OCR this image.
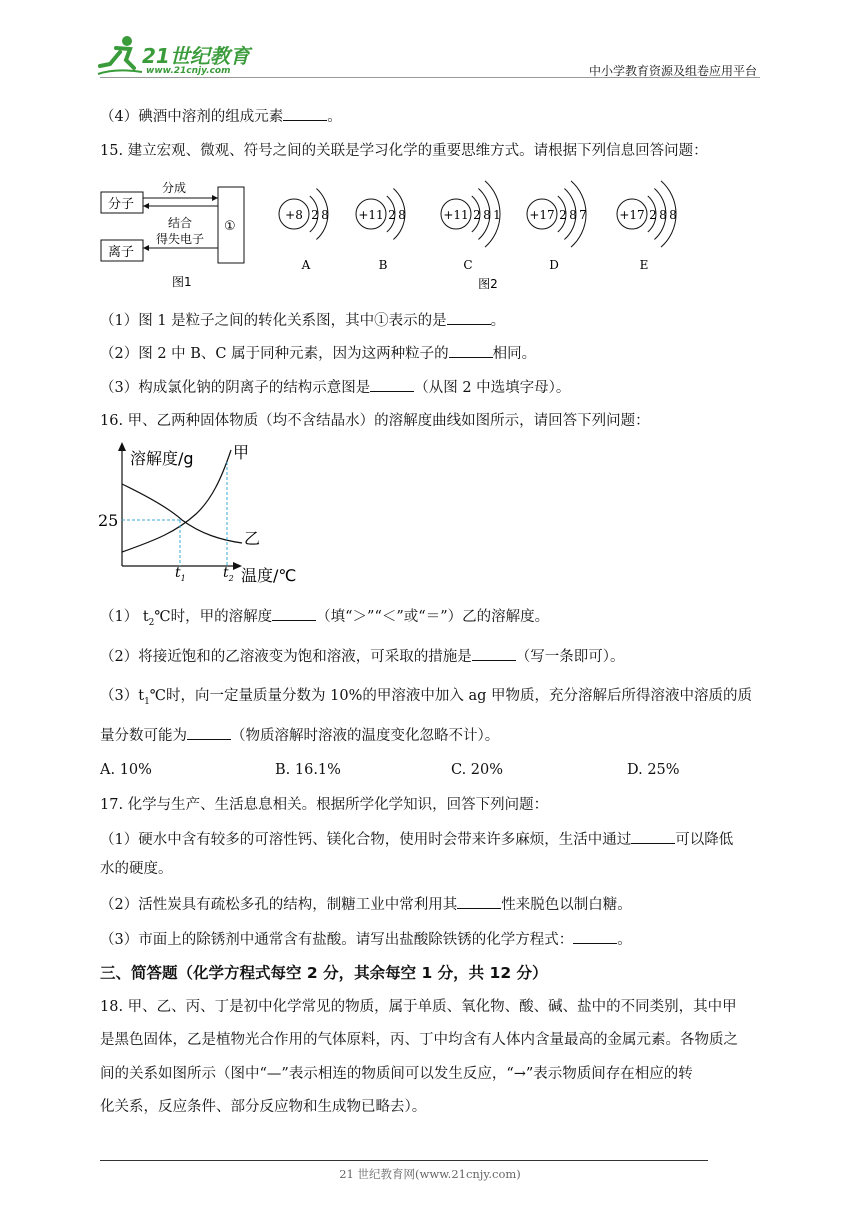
21世纪教育
www.21cnjy.com	中小学教育资源及组卷应用平台
（4）碘酒中溶剂的组成元素	。
15. 建立宏观、微观、符号之间的关联是学习化学的重要思维方式。请根据下列信息回答问题：
分子
离子
分成
结合
得失电子
①
图1
+8 2 8
A
+11 2 8
B
+11 2 8 1
C
+17 2 8 7
D
+17 2 8 8
E
图2
（1）图 1 是粒子之间的转化关系图，其中①表示的是	。
（2）图 2 中 B、C 属于同种元素，因为这两种粒子的	相同。
（3）构成氯化钠的阴离子的结构示意图是	（从图 2 中选填字母）。
16. 甲、乙两种固体物质（均不含结晶水）的溶解度曲线如图所示，请回答下列问题：
溶解度/g
温度/℃
25
$t_1$	$t_2$
甲
乙
（1） $t_2℃$时，甲的溶解度	（填“＞”“＜”或“＝”）乙的溶解度。
（2）将接近饱和的乙溶液变为饱和溶液，可采取的措施是	（写一条即可）。
$(3)t_1℃$时，向一定量质量分数为 10%的甲溶液中加入 ag 甲物质，充分溶解后所得溶液中溶质的质
量分数可能为	（物质溶解时溶液的温度变化忽略不计）。
A. 10%	B. 16.1%	C. 20%	D. 25%
17. 化学与生产、生活息息相关。根据所学化学知识，回答下列问题：
（1）硬水中含有较多的可溶性钙、镁化合物，使用时会带来许多麻烦，生活中通过	可以降低
水的硬度。
（2）活性炭具有疏松多孔的结构，制糖工业中常利用其	性来脱色以制白糖。
（3）市面上的除锈剂中通常含有盐酸。请写出盐酸除铁锈的化学方程式：	。
三、简答题（化学方程式每空 2 分，其余每空 1 分，共 12 分）
18. 甲、乙、丙、丁是初中化学常见的物质，属于单质、氧化物、酸、碱、盐中的不同类别，其中甲
是黑色固体，乙是植物光合作用的气体原料，丙、丁中均含有人体内含量最高的金属元素。各物质之
间的关系如图所示（图中“—”表示相连的物质间可以发生反应，“→”表示物质间存在相应的转
化关系，反应条件、部分反应物和生成物已略去）。
21 世纪教育网(www.21cnjy.com)
